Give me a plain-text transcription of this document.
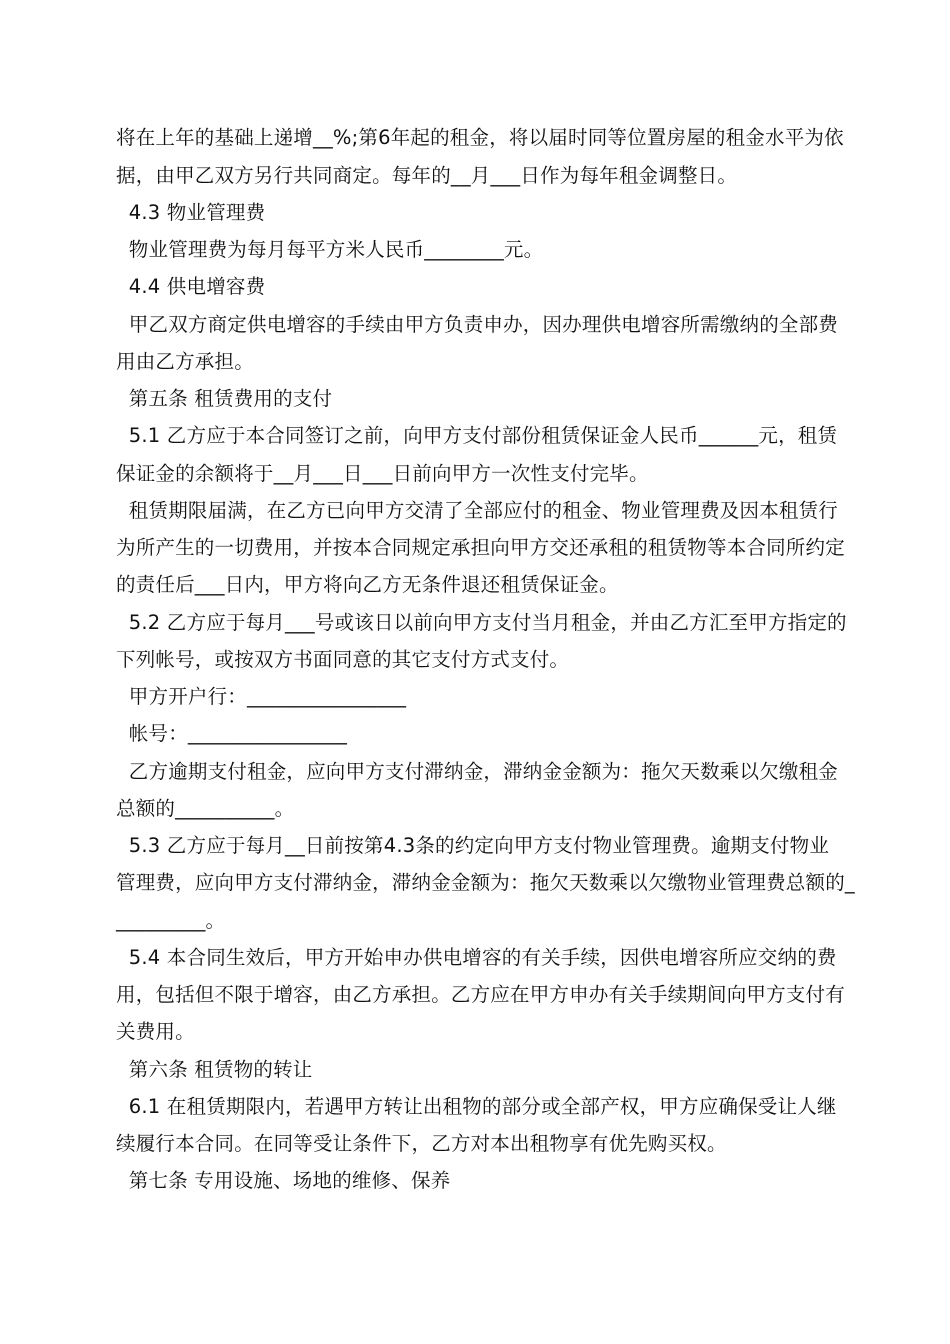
将在上年的基础上递增__%;第6年起的租金，将以届时同等位置房屋的租金水平为依
据，由甲乙双方另行共同商定。每年的__月___日作为每年租金调整日。
4.3 物业管理费
物业管理费为每月每平方米人民币________元。
4.4 供电增容费
甲乙双方商定供电增容的手续由甲方负责申办，因办理供电增容所需缴纳的全部费
用由乙方承担。
第五条 租赁费用的支付
5.1 乙方应于本合同签订之前，向甲方支付部份租赁保证金人民币______元，租赁
保证金的余额将于__月___日___日前向甲方一次性支付完毕。
租赁期限届满，在乙方已向甲方交清了全部应付的租金、物业管理费及因本租赁行
为所产生的一切费用，并按本合同规定承担向甲方交还承租的租赁物等本合同所约定
的责任后___日内，甲方将向乙方无条件退还租赁保证金。
5.2 乙方应于每月___号或该日以前向甲方支付当月租金，并由乙方汇至甲方指定的
下列帐号，或按双方书面同意的其它支付方式支付。
甲方开户行：________________
帐号：________________
乙方逾期支付租金，应向甲方支付滞纳金，滞纳金金额为：拖欠天数乘以欠缴租金
总额的__________。
5.3 乙方应于每月__日前按第4.3条的约定向甲方支付物业管理费。逾期支付物业
管理费，应向甲方支付滞纳金，滞纳金金额为：拖欠天数乘以欠缴物业管理费总额的_
_________。
5.4 本合同生效后，甲方开始申办供电增容的有关手续，因供电增容所应交纳的费
用，包括但不限于增容，由乙方承担。乙方应在甲方申办有关手续期间向甲方支付有
关费用。
第六条 租赁物的转让
6.1 在租赁期限内，若遇甲方转让出租物的部分或全部产权，甲方应确保受让人继
续履行本合同。在同等受让条件下，乙方对本出租物享有优先购买权。
第七条 专用设施、场地的维修、保养
